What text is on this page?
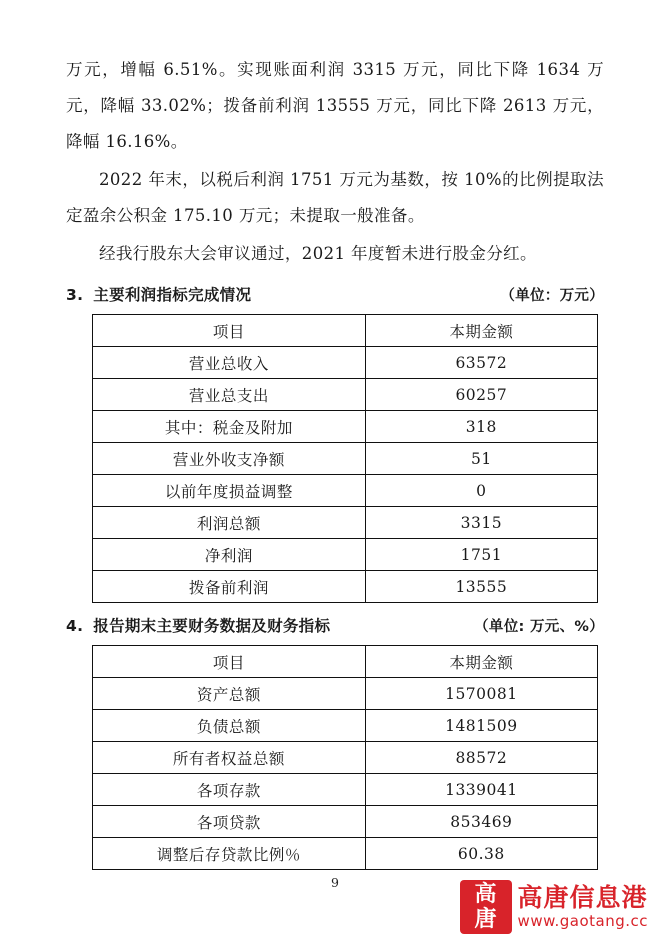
万元，增幅 6.51%。实现账面利润 3315 万元，同比下降 1634 万元，降幅 33.02%；拨备前利润 13555 万元，同比下降 2613 万元，降幅 16.16%。

2022 年末，以税后利润 1751 万元为基数，按 10%的比例提取法定盈余公积金 175.10 万元；未提取一般准备。

经我行股东大会审议通过，2021 年度暂未进行股金分红。

3. 主要利润指标完成情况	（单位：万元）
项目	本期金额
营业总收入	63572
营业总支出	60257
其中：税金及附加	318
营业外收支净额	51
以前年度损益调整	0
利润总额	3315
净利润	1751
拨备前利润	13555
4. 报告期末主要财务数据及财务指标	（单位: 万元、%）
项目	本期金额
资产总额	1570081
负债总额	1481509
所有者权益总额	88572
各项存款	1339041
各项贷款	853469
调整后存贷款比例％	60.38
9	高
唐
高唐信息港
www.gaotang.cc
